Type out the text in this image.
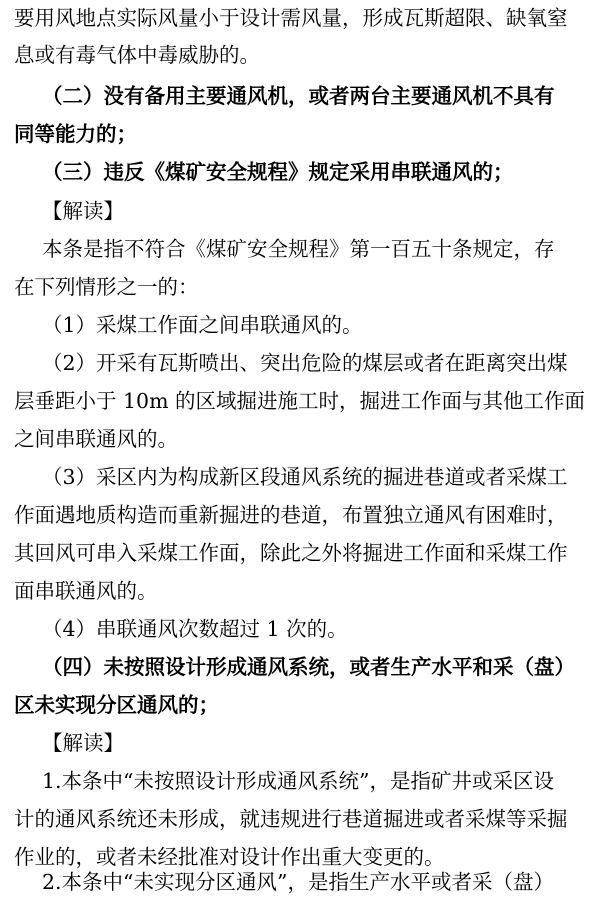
要用风地点实际风量小于设计需风量，形成瓦斯超限、缺氧窒
息或有毒气体中毒威胁的。
（二）没有备用主要通风机，或者两台主要通风机不具有
同等能力的；
（三）违反《煤矿安全规程》规定采用串联通风的；
【解读】
本条是指不符合《煤矿安全规程》第一百五十条规定，存
在下列情形之一的：
（1）采煤工作面之间串联通风的。
（2）开采有瓦斯喷出、突出危险的煤层或者在距离突出煤
层垂距小于 10m 的区域掘进施工时，掘进工作面与其他工作面
之间串联通风的。
（3）采区内为构成新区段通风系统的掘进巷道或者采煤工
作面遇地质构造而重新掘进的巷道，布置独立通风有困难时，
其回风可串入采煤工作面，除此之外将掘进工作面和采煤工作
面串联通风的。
（4）串联通风次数超过 1 次的。
（四）未按照设计形成通风系统，或者生产水平和采（盘）
区未实现分区通风的；
【解读】
1.本条中“未按照设计形成通风系统”，是指矿井或采区设
计的通风系统还未形成，就违规进行巷道掘进或者采煤等采掘
作业的，或者未经批准对设计作出重大变更的。
2.本条中“未实现分区通风”，是指生产水平或者采（盘）
